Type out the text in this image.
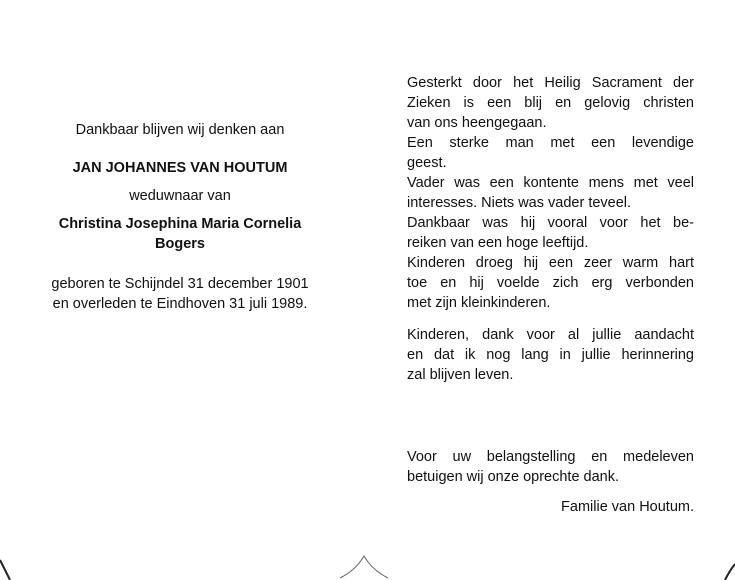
Dankbaar blijven wij denken aan

JAN JOHANNES VAN HOUTUM

weduwnaar van

Christina Josephina Maria Cornelia
Bogers
geboren te Schijndel 31 december 1901
en overleden te Eindhoven 31 juli 1989.
Gesterkt door het Heilig Sacrament der
Zieken is een blij en gelovig christen
van ons heengegaan.
Een sterke man met een levendige
geest.
Vader was een kontente mens met veel
interesses. Niets was vader teveel.
Dankbaar was hij vooral voor het be-
reiken van een hoge leeftijd.
Kinderen droeg hij een zeer warm hart
toe en hij voelde zich erg verbonden
met zijn kleinkinderen.
Kinderen, dank voor al jullie aandacht
en dat ik nog lang in jullie herinnering
zal blijven leven.
Voor uw belangstelling en medeleven
betuigen wij onze oprechte dank.
Familie van Houtum.
